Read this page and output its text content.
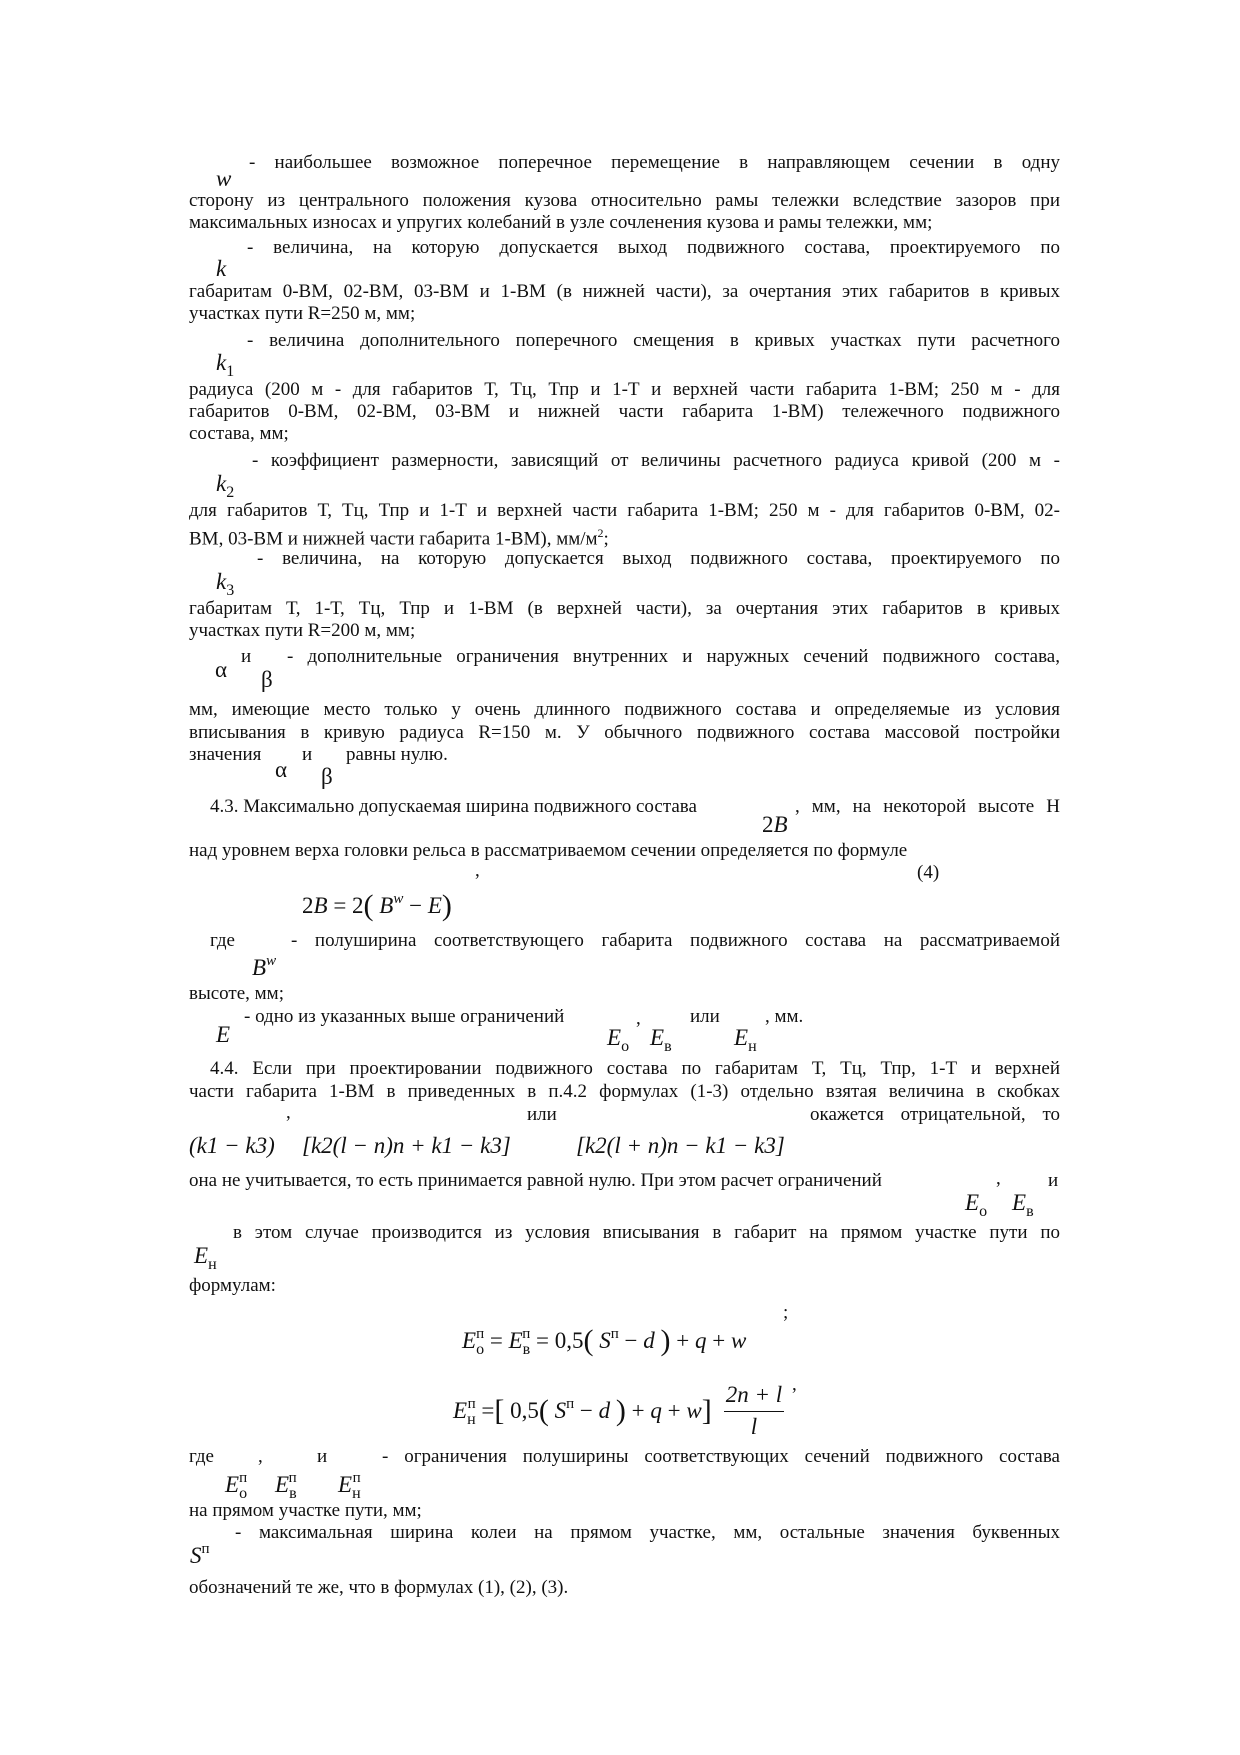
w
- наибольшее возможное поперечное перемещение в направляющем сечении в одну
сторону из центрального положения кузова относительно рамы тележки вследствие зазоров при
максимальных износах и упругих колебаний в узле сочленения кузова и рамы тележки, мм;
k
- величина, на которую допускается выход подвижного состава, проектируемого по
габаритам 0-ВМ, 02-ВМ, 03-ВМ и 1-ВМ (в нижней части), за очертания этих габаритов в кривых
участках пути R=250 м, мм;
$k_1$
- величина дополнительного поперечного смещения в кривых участках пути расчетного
радиуса (200 м - для габаритов Т, Тц, Тпр и 1-Т и верхней части габарита 1-ВМ; 250 м - для
габаритов 0-ВМ, 02-ВМ, 03-ВМ и нижней части габарита 1-ВМ) тележечного подвижного
состава, мм;
$k_2$
- коэффициент размерности, зависящий от величины расчетного радиуса кривой (200 м -
для габаритов Т, Тц, Тпр и 1-Т и верхней части габарита 1-ВМ; 250 м - для габаритов 0-ВМ, 02-
ВМ, 03-ВМ и нижней части габарита 1-ВМ), $мм/м^2$;
$k_3$
- величина, на которую допускается выход подвижного состава, проектируемого по
габаритам Т, 1-Т, Тц, Тпр и 1-ВМ (в верхней части), за очертания этих габаритов в кривых
участках пути R=200 м, мм;
α
и
β
- дополнительные ограничения внутренних и наружных сечений подвижного состава,
мм, имеющие место только у очень длинного подвижного состава и определяемые из условия
вписывания в кривую радиуса R=150 м. У обычного подвижного состава массовой постройки
значения
α
и
β
равны нулю.
4.3. Максимально допускаемая ширина подвижного состава
2B
, мм, на некоторой высоте Н
над уровнем верха головки рельса в рассматриваемом сечении определяется по формуле
,	(4)
2B = 2( $B^w - E$)
где
$B^w$
- полуширина соответствующего габарита подвижного состава на рассматриваемой
высоте, мм;
E
- одно из указанных выше ограничений
$E_о$
,
$E_в$
или
$E_н$
, мм.
4.4. Если при проектировании подвижного состава по габаритам Т, Тц, Тпр, 1-Т и верхней
части габарита 1-ВМ в приведенных в п.4.2 формулах (1-3) отдельно взятая величина в скобках
,	или	окажется отрицательной, то
(k1 − k3) [k2(l − n)n + k1 − k3]	[k2(l + n)n − k1 − k3]
она не учитывается, то есть принимается равной нулю. При этом расчет ограничений
$E_о$
,
$E_в$
и
$E_н$
в этом случае производится из условия вписывания в габарит на прямом участке пути по
формулам:
;
$E_о^п = E_в^п = 0,5$( $S^п - d$ ) + q + w
,
$E_н^п$ =[ 0,5( $S^п - d$ ) + q + w] 2n + l
l
где ,	и	- ограничения полуширины соответствующих сечений подвижного состава
$E_о^п$ $E_в^п$ $E_н^п$
на прямом участке пути, мм;
$S^п$
- максимальная ширина колеи на прямом участке, мм, остальные значения буквенных
обозначений те же, что в формулах (1), (2), (3).
